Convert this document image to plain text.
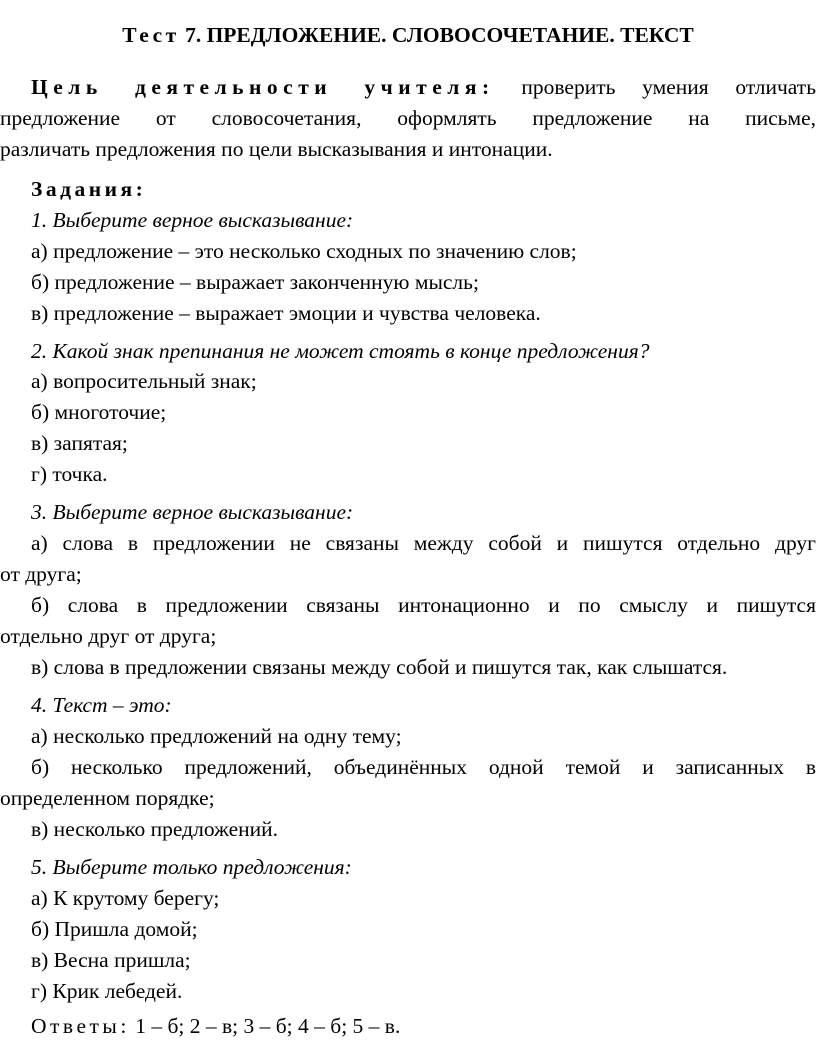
Тест 7. ПРЕДЛОЖЕНИЕ. СЛОВОСОЧЕТАНИЕ. ТЕКСТ

Цель деятельности учителя: проверить умения отличать

предложение от словосочетания, оформлять предложение на письме,

различать предложения по цели высказывания и интонации.

Задания:

1. Выберите верное высказывание:

а) предложение – это несколько сходных по значению слов;

б) предложение – выражает законченную мысль;

в) предложение – выражает эмоции и чувства человека.

2. Какой знак препинания не может стоять в конце предложения?

а) вопросительный знак;

б) многоточие;

в) запятая;

г) точка.

3. Выберите верное высказывание:

а) слова в предложении не связаны между собой и пишутся отдельно друг

от друга;

б) слова в предложении связаны интонационно и по смыслу и пишутся

отдельно друг от друга;

в) слова в предложении связаны между собой и пишутся так, как слышатся.

4. Текст – это:

а) несколько предложений на одну тему;

б) несколько предложений, объединённых одной темой и записанных в

определенном порядке;

в) несколько предложений.

5. Выберите только предложения:

а) К крутому берегу;

б) Пришла домой;

в) Весна пришла;

г) Крик лебедей.

Ответы: 1 – б; 2 – в; 3 – б; 4 – б; 5 – в.
